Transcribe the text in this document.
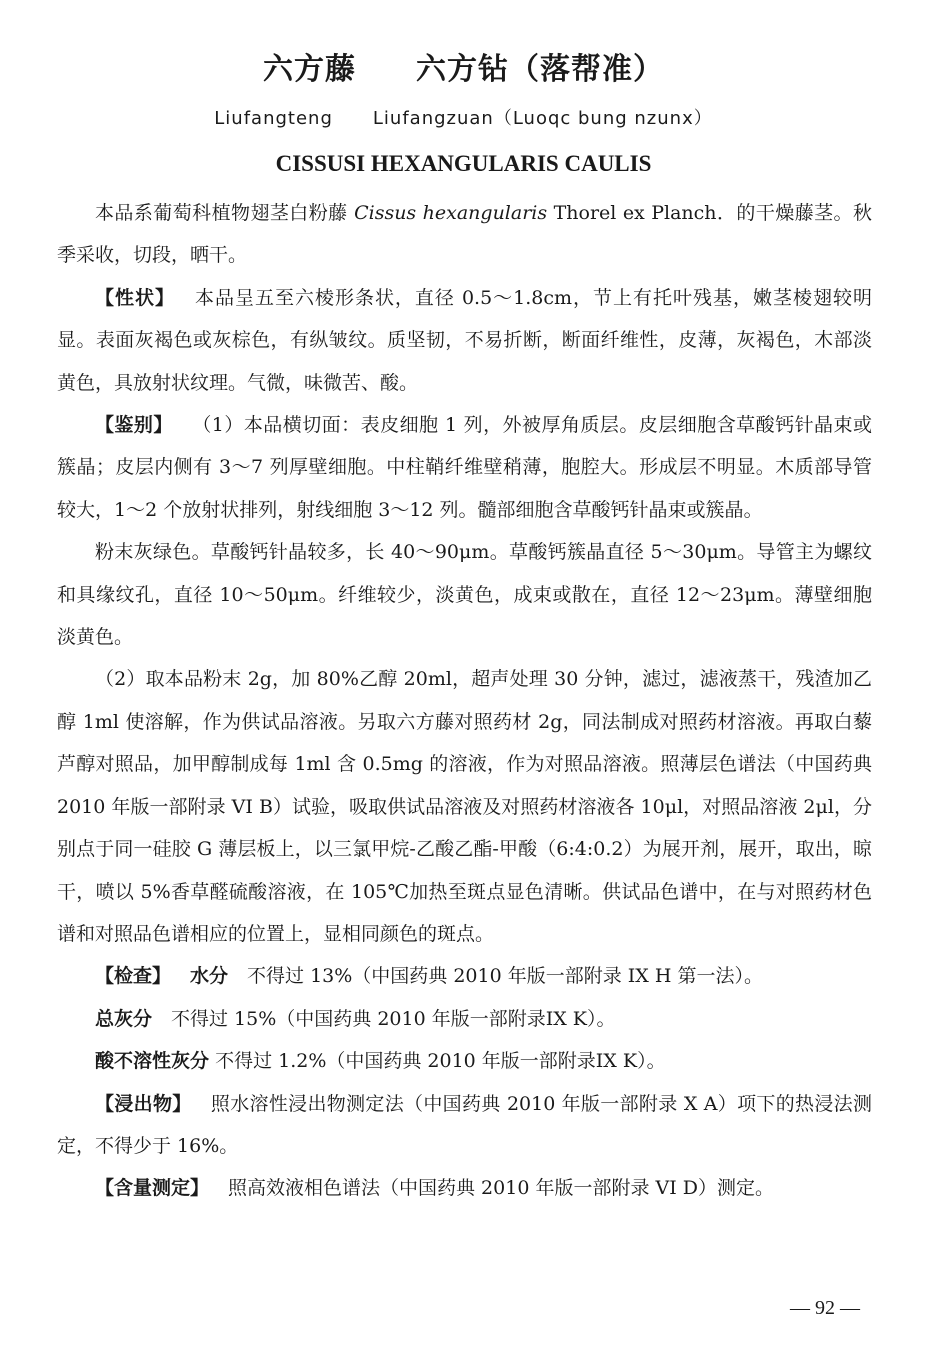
六方藤 六方钻（落帮准）
Liufangteng Liufangzuan（Luoqc bung nzunx）
CISSUSI HEXANGULARIS CAULIS

本品系葡萄科植物翅茎白粉藤 Cissus hexangularis Thorel ex Planch．的干燥藤茎。秋季采收，切段，晒干。

【性状】 本品呈五至六棱形条状，直径 0.5～1.8cm，节上有托叶残基，嫩茎棱翅较明显。表面灰褐色或灰棕色，有纵皱纹。质坚韧，不易折断，断面纤维性，皮薄，灰褐色，木部淡黄色，具放射状纹理。气微，味微苦、酸。

【鉴别】 （1）本品横切面：表皮细胞 1 列，外被厚角质层。皮层细胞含草酸钙针晶束或簇晶；皮层内侧有 3～7 列厚壁细胞。中柱鞘纤维壁稍薄，胞腔大。形成层不明显。木质部导管较大，1～2 个放射状排列，射线细胞 3～12 列。髓部细胞含草酸钙针晶束或簇晶。

粉末灰绿色。草酸钙针晶较多，长 40～90μm。草酸钙簇晶直径 5～30μm。导管主为螺纹和具缘纹孔，直径 10～50μm。纤维较少，淡黄色，成束或散在，直径 12～23μm。薄壁细胞淡黄色。

（2）取本品粉末 2g，加 80%乙醇 20ml，超声处理 30 分钟，滤过，滤液蒸干，残渣加乙醇 1ml 使溶解，作为供试品溶液。另取六方藤对照药材 2g，同法制成对照药材溶液。再取白藜芦醇对照品，加甲醇制成每 1ml 含 0.5mg 的溶液，作为对照品溶液。照薄层色谱法（中国药典 2010 年版一部附录 VI B）试验，吸取供试品溶液及对照药材溶液各 10μl，对照品溶液 2μl，分别点于同一硅胶 G 薄层板上，以三氯甲烷-乙酸乙酯-甲酸（6:4:0.2）为展开剂，展开，取出，晾干，喷以 5%香草醛硫酸溶液，在 105℃加热至斑点显色清晰。供试品色谱中，在与对照药材色谱和对照品色谱相应的位置上，显相同颜色的斑点。

【检查】 水分 不得过 13%（中国药典 2010 年版一部附录 IX H 第一法）。

总灰分 不得过 15%（中国药典 2010 年版一部附录ⅠX K）。

酸不溶性灰分 不得过 1.2%（中国药典 2010 年版一部附录ⅠX K）。

【浸出物】 照水溶性浸出物测定法（中国药典 2010 年版一部附录 X A）项下的热浸法测定，不得少于 16%。

【含量测定】 照高效液相色谱法（中国药典 2010 年版一部附录 VI D）测定。

— 92 —
